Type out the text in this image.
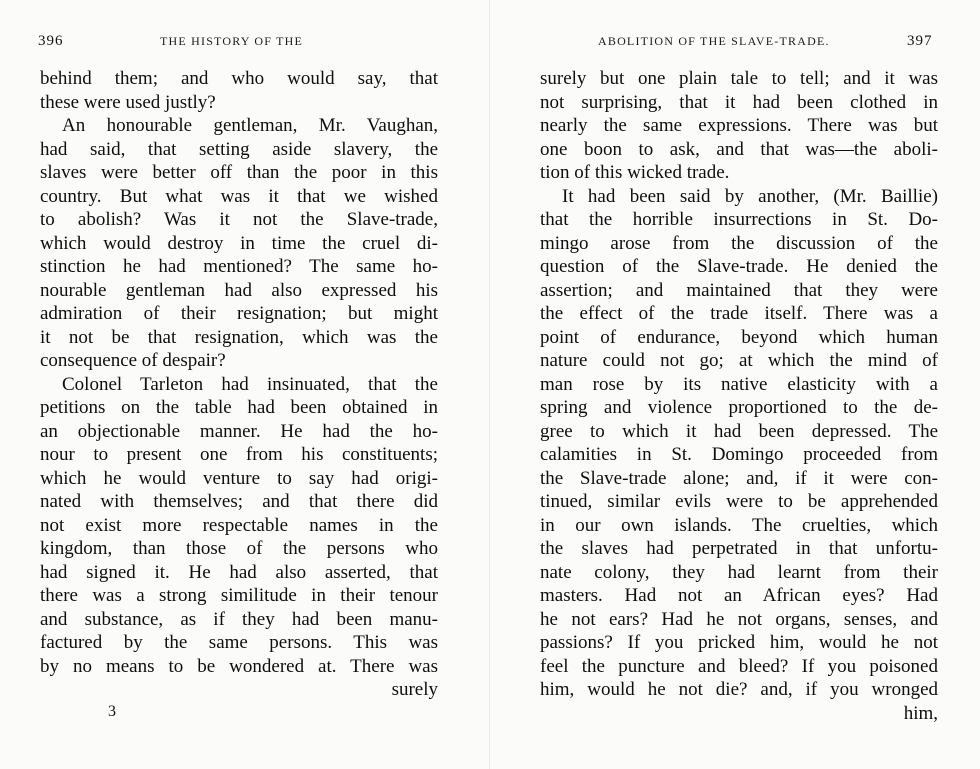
396	THE HISTORY OF THE
behind them; and who would say, that
these were used justly?
An honourable gentleman, Mr. Vaughan,
had said, that setting aside slavery, the
slaves were better off than the poor in this
country. But what was it that we wished
to abolish? Was it not the Slave-trade,
which would destroy in time the cruel di-
stinction he had mentioned? The same ho-
nourable gentleman had also expressed his
admiration of their resignation; but might
it not be that resignation, which was the
consequence of despair?
Colonel Tarleton had insinuated, that the
petitions on the table had been obtained in
an objectionable manner. He had the ho-
nour to present one from his constituents;
which he would venture to say had origi-
nated with themselves; and that there did
not exist more respectable names in the
kingdom, than those of the persons who
had signed it. He had also asserted, that
there was a strong similitude in their tenour
and substance, as if they had been manu-
factured by the same persons. This was
by no means to be wondered at. There was
surely
3
ABOLITION OF THE SLAVE-TRADE.	397
surely but one plain tale to tell; and it was
not surprising, that it had been clothed in
nearly the same expressions. There was but
one boon to ask, and that was—the aboli-
tion of this wicked trade.
It had been said by another, (Mr. Baillie)
that the horrible insurrections in St. Do-
mingo arose from the discussion of the
question of the Slave-trade. He denied the
assertion; and maintained that they were
the effect of the trade itself. There was a
point of endurance, beyond which human
nature could not go; at which the mind of
man rose by its native elasticity with a
spring and violence proportioned to the de-
gree to which it had been depressed. The
calamities in St. Domingo proceeded from
the Slave-trade alone; and, if it were con-
tinued, similar evils were to be apprehended
in our own islands. The cruelties, which
the slaves had perpetrated in that unfortu-
nate colony, they had learnt from their
masters. Had not an African eyes? Had
he not ears? Had he not organs, senses, and
passions? If you pricked him, would he not
feel the puncture and bleed? If you poisoned
him, would he not die? and, if you wronged
him,
